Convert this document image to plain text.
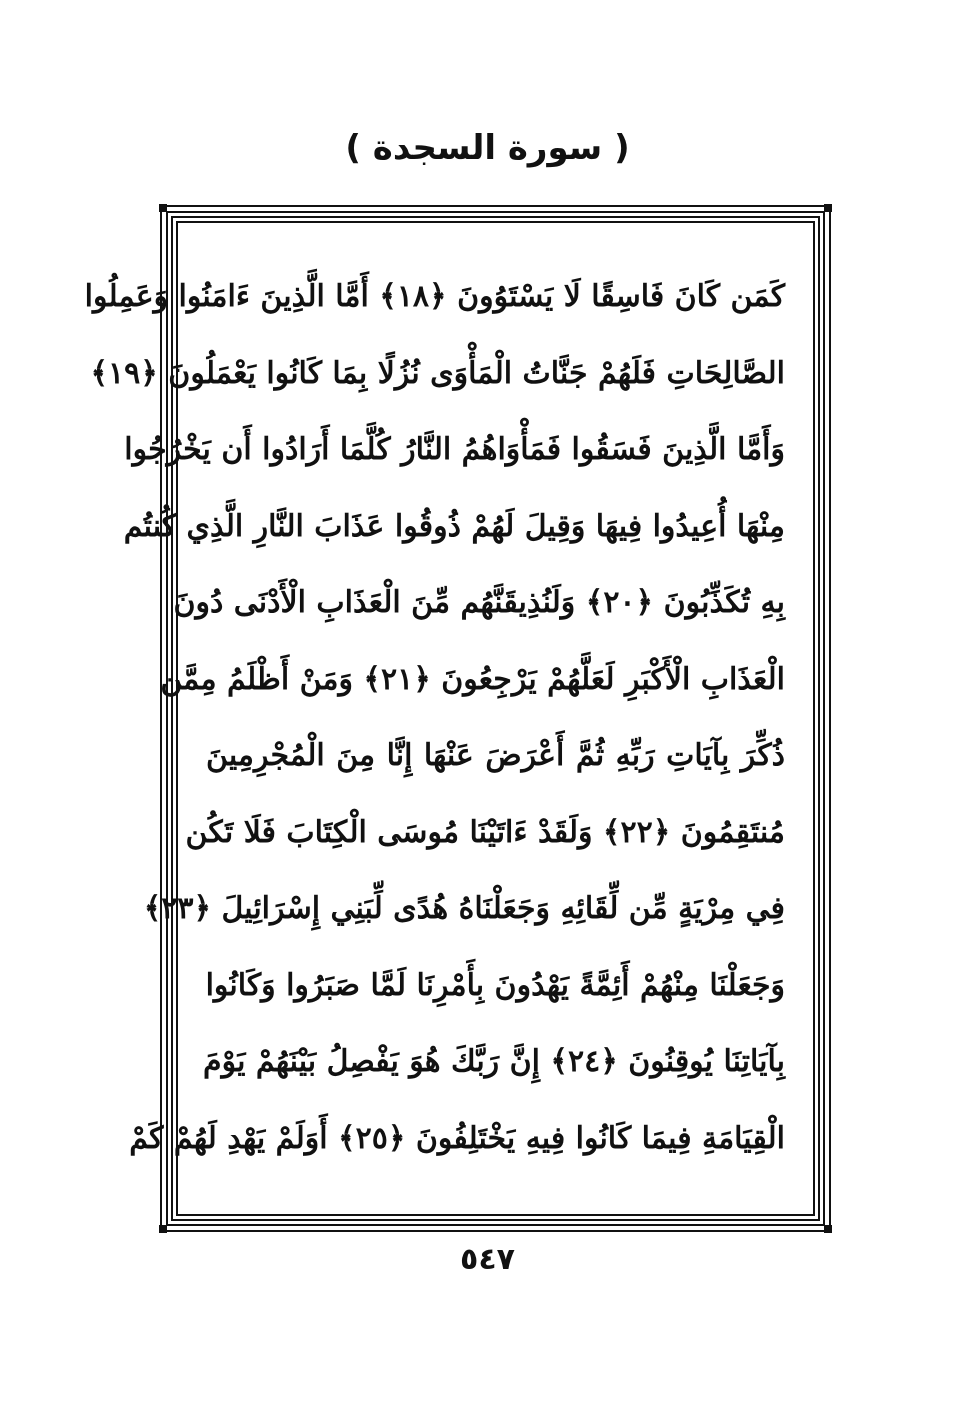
( سورة السجدة )
كَمَن كَانَ فَاسِقًا لَا يَسْتَوُونَ ﴿١٨﴾ أَمَّا الَّذِينَ ءَامَنُوا وَعَمِلُوا
الصَّالِحَاتِ فَلَهُمْ جَنَّاتُ الْمَأْوَى نُزُلًا بِمَا كَانُوا يَعْمَلُونَ ﴿١٩﴾
وَأَمَّا الَّذِينَ فَسَقُوا فَمَأْوَاهُمُ النَّارُ كُلَّمَا أَرَادُوا أَن يَخْرُجُوا
مِنْهَا أُعِيدُوا فِيهَا وَقِيلَ لَهُمْ ذُوقُوا عَذَابَ النَّارِ الَّذِي كُنتُم
بِهِ تُكَذِّبُونَ ﴿٢٠﴾ وَلَنُذِيقَنَّهُم مِّنَ الْعَذَابِ الْأَدْنَى دُونَ
الْعَذَابِ الْأَكْبَرِ لَعَلَّهُمْ يَرْجِعُونَ ﴿٢١﴾ وَمَنْ أَظْلَمُ مِمَّن
ذُكِّرَ بِآيَاتِ رَبِّهِ ثُمَّ أَعْرَضَ عَنْهَا إِنَّا مِنَ الْمُجْرِمِينَ
مُنتَقِمُونَ ﴿٢٢﴾ وَلَقَدْ ءَاتَيْنَا مُوسَى الْكِتَابَ فَلَا تَكُن
فِي مِرْيَةٍ مِّن لِّقَائِهِ وَجَعَلْنَاهُ هُدًى لِّبَنِي إِسْرَائِيلَ ﴿٢٣﴾
وَجَعَلْنَا مِنْهُمْ أَئِمَّةً يَهْدُونَ بِأَمْرِنَا لَمَّا صَبَرُوا وَكَانُوا
بِآيَاتِنَا يُوقِنُونَ ﴿٢٤﴾ إِنَّ رَبَّكَ هُوَ يَفْصِلُ بَيْنَهُمْ يَوْمَ
الْقِيَامَةِ فِيمَا كَانُوا فِيهِ يَخْتَلِفُونَ ﴿٢٥﴾ أَوَلَمْ يَهْدِ لَهُمْ كَمْ
٥٤٧
